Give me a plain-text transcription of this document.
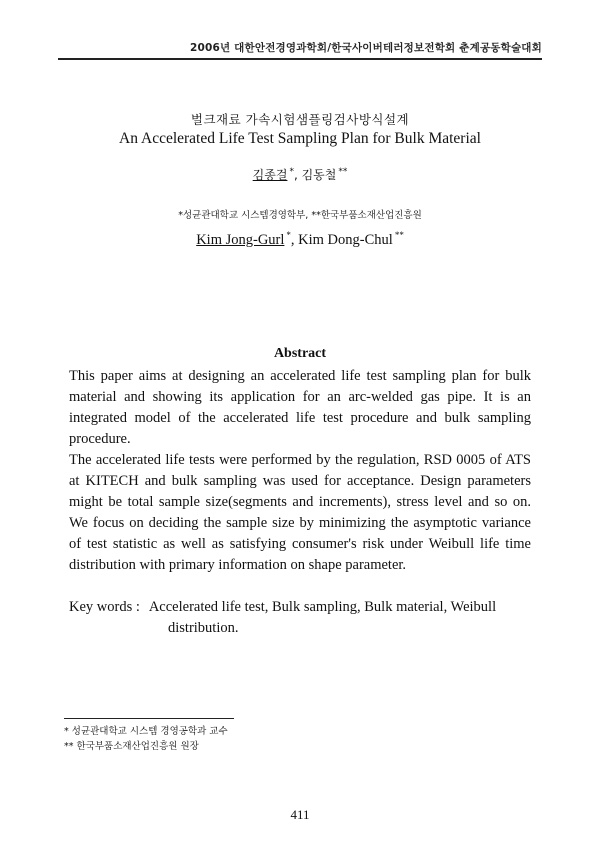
2006년 대한안전경영과학회/한국사이버테러정보전학회 춘계공동학술대회
벌크재료 가속시험샘플링검사방식설계
An Accelerated Life Test Sampling Plan for Bulk Material
김종걸 *, 김동철 **
*성균관대학교 시스템경영학부, **한국부품소재산업진흥원
Kim Jong-Gurl *, Kim Dong-Chul **
Abstract

This paper aims at designing an accelerated life test sampling plan for bulk material and showing its application for an arc-welded gas pipe. It is an integrated model of the accelerated life test procedure and bulk sampling procedure.

The accelerated life tests were performed by the regulation, RSD 0005 of ATS at KITECH and bulk sampling was used for acceptance. Design parameters might be total sample size(segments and increments), stress level and so on. We focus on deciding the sample size by minimizing the asymptotic variance of test statistic as well as satisfying consumer's risk under Weibull life time distribution with primary information on shape parameter.

Key words : Accelerated life test, Bulk sampling, Bulk material, Weibull
distribution.
* 성균관대학교 시스템 경영공학과 교수
** 한국부품소재산업진흥원 원장
411
